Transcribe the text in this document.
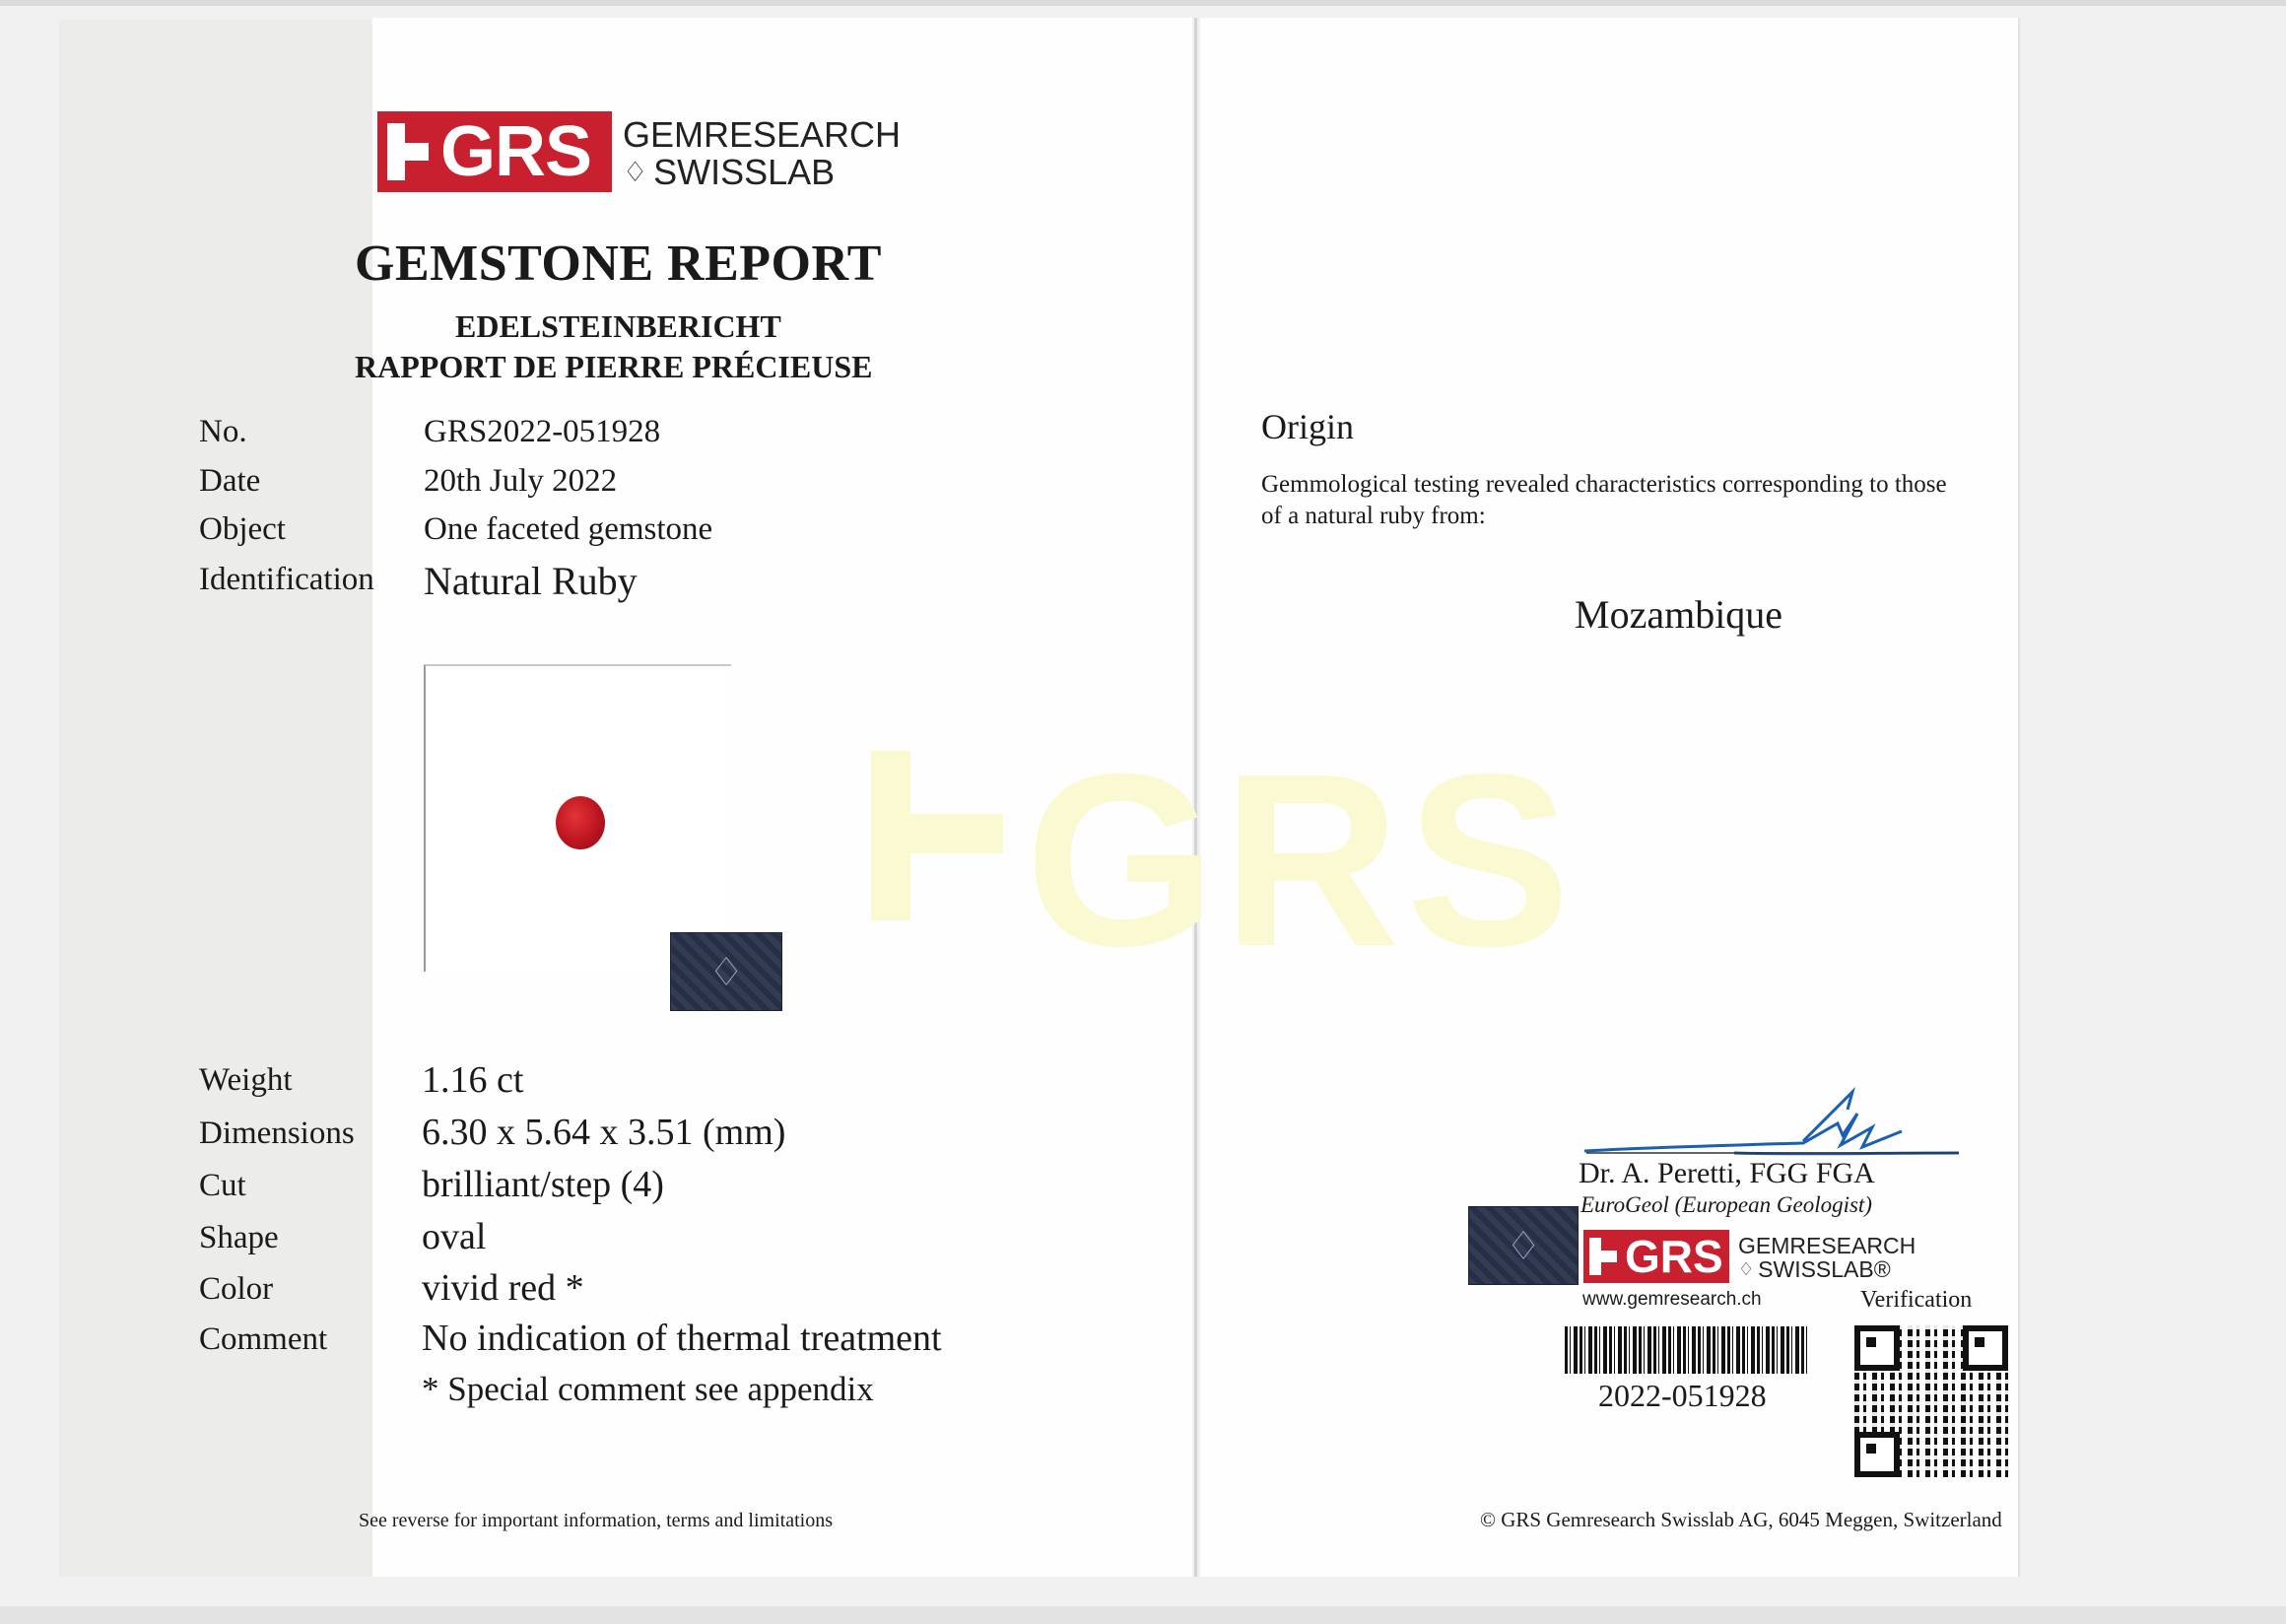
GRS
GRS GEMRESEARCH
♢ SWISSLAB
GEMSTONE REPORT
EDELSTEINBERICHT
RAPPORT DE PIERRE PRÉCIEUSE
No.	GRS2022-051928
Date	20th July 2022
Object	One faceted gemstone
Identification Natural Ruby
♢
Weight	1.16 ct
Dimensions 6.30 x 5.64 x 3.51 (mm)
Cut	brilliant/step (4)
Shape	oval
Color	vivid red *
Comment	No indication of thermal treatment
* Special comment see appendix
See reverse for important information, terms and limitations
Origin
Gemmological testing revealed characteristics corresponding to those
of a natural ruby from:
Mozambique
Dr. A. Peretti, FGG FGA
EuroGeol (European Geologist)
♢ GRS GEMRESEARCH
♢ SWISSLAB®
www.gemresearch.ch	Verification
2022-051928
© GRS Gemresearch Swisslab AG, 6045 Meggen, Switzerland
